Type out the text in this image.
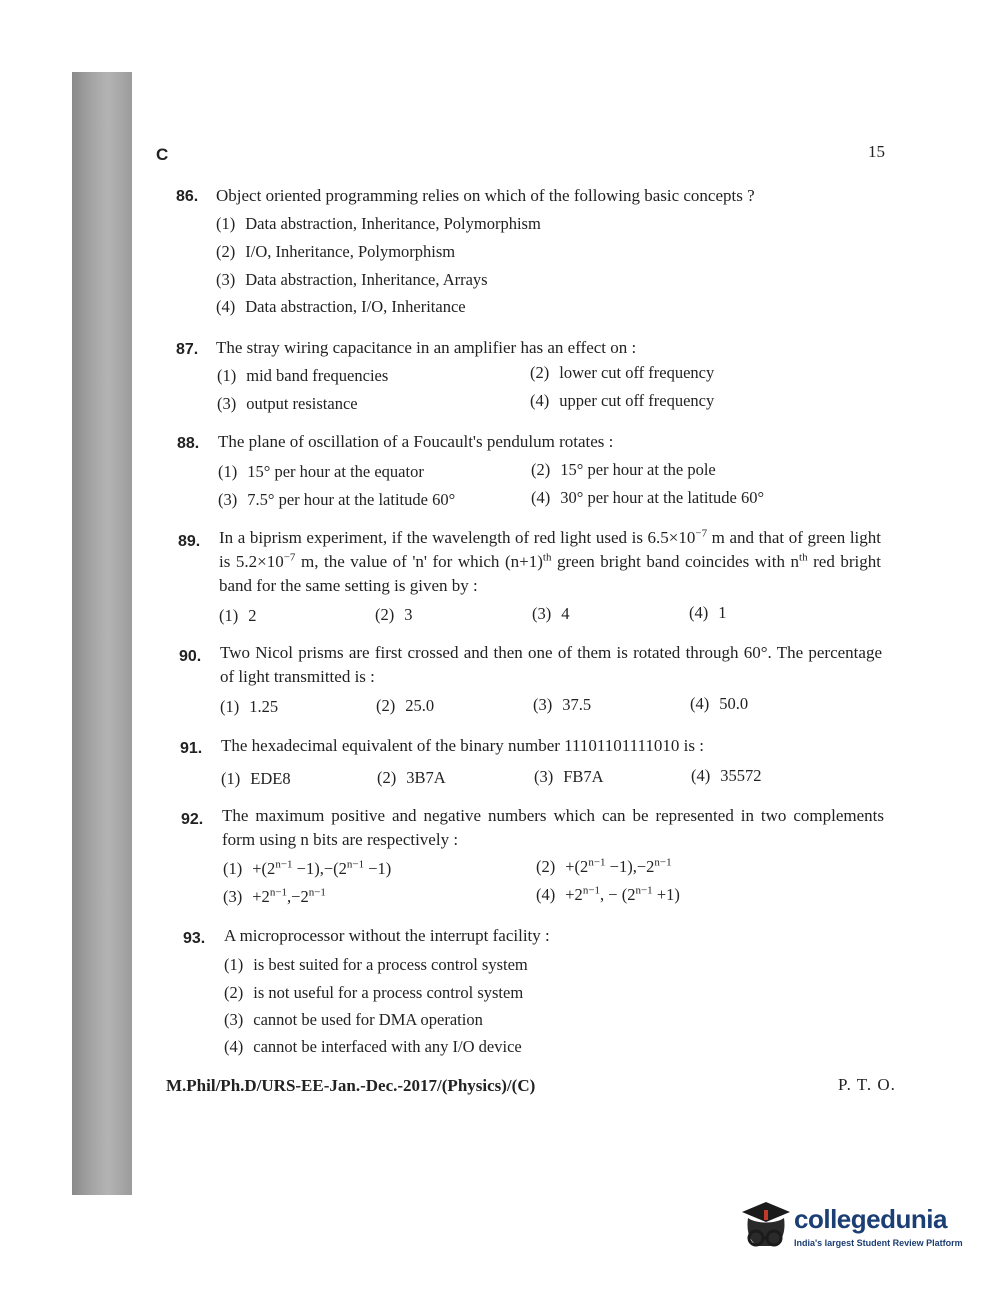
C	15
86. Object oriented programming relies on which of the following basic concepts ?
(1) Data abstraction, Inheritance, Polymorphism
(2) I/O, Inheritance, Polymorphism
(3) Data abstraction, Inheritance, Arrays
(4) Data abstraction, I/O, Inheritance
87. The stray wiring capacitance in an amplifier has an effect on :
(1) mid band frequencies	(2) lower cut off frequency
(3) output resistance	(4) upper cut off frequency
88. The plane of oscillation of a Foucault's pendulum rotates :
(1) 15° per hour at the equator	(2) 15° per hour at the pole
(3) 7.5° per hour at the latitude 60°	(4) 30° per hour at the latitude 60°
89. In a biprism experiment, if the wavelength of red light used is $6.5\times 10^{-7}$ m and that of green light is $5.2\times 10^{-7}$ m, the value of 'n' for which $(n+1)^{th}$ green bright band coincides with $n^{th}$ red bright band for the same setting is given by :
(1) 2	(2) 3	(3) 4	(4) 1
90. Two Nicol prisms are first crossed and then one of them is rotated through 60°. The percentage of light transmitted is :
(1) 1.25	(2) 25.0	(3) 37.5	(4) 50.0
91. The hexadecimal equivalent of the binary number 11101101111010 is :
(1) EDE8	(2) 3B7A	(3) FB7A	(4) 35572
92. The maximum positive and negative numbers which can be represented in two complements form using n bits are respectively :
$(1) +(2^{n-1} -1),-(2^{n-1} -1)$	$(2) +(2^{n-1} -1),-2^{n-1}$
$(3) +2^{n-1},-2^{n-1}$	$(4) +2^{n-1}$, − $(2^{n-1} +1)$
93. A microprocessor without the interrupt facility :
(1) is best suited for a process control system
(2) is not useful for a process control system
(3) cannot be used for DMA operation
(4) cannot be interfaced with any I/O device
M.Phil/Ph.D/URS-EE-Jan.-Dec.-2017/(Physics)/(C)	P. T. O.
collegedunia
India's largest Student Review Platform
